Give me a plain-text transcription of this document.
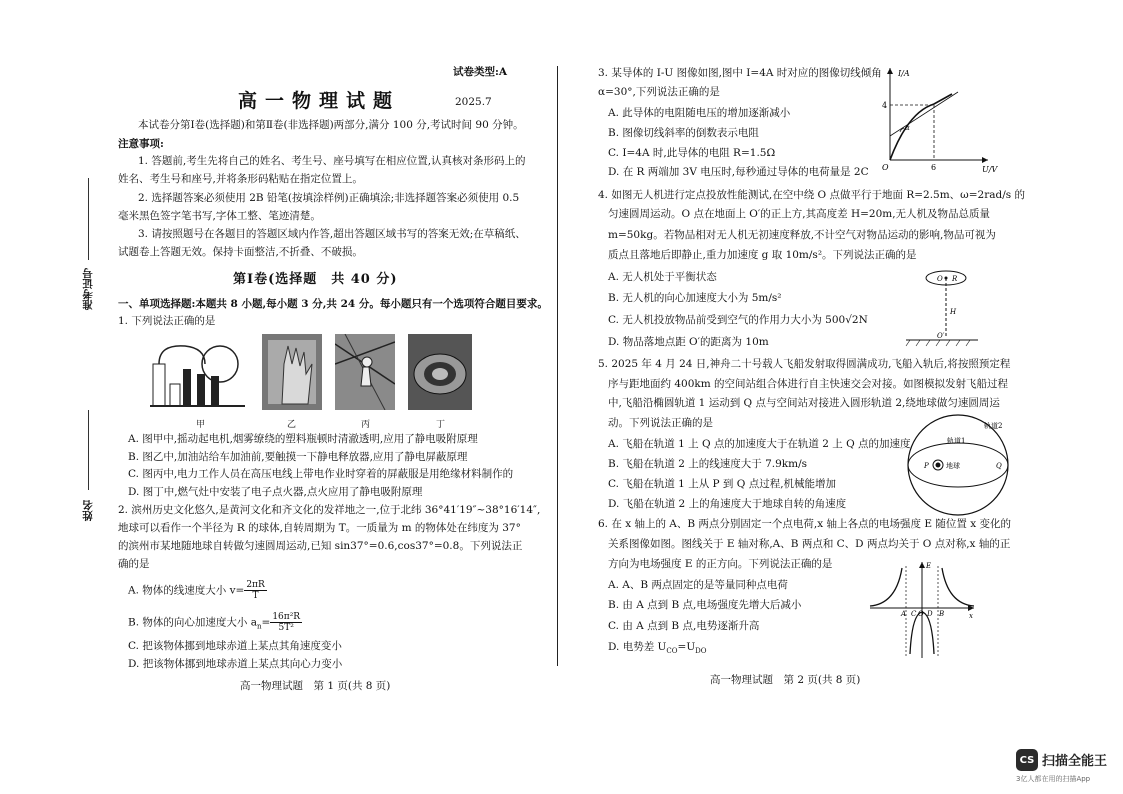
试卷类型:A
高一物理试题	2025.7
本试卷分第Ⅰ卷(选择题)和第Ⅱ卷(非选择题)两部分,满分 100 分,考试时间 90 分钟。
注意事项:
1. 答题前,考生先将自己的姓名、考生号、座号填写在相应位置,认真核对条形码上的
姓名、考生号和座号,并将条形码粘贴在指定位置上。
2. 选择题答案必须使用 2B 铅笔(按填涂样例)正确填涂;非选择题答案必须使用 0.5
毫米黑色签字笔书写,字体工整、笔迹清楚。
3. 请按照题号在各题目的答题区域内作答,超出答题区域书写的答案无效;在草稿纸、
试题卷上答题无效。保持卡面整洁,不折叠、不破损。
准考证号
姓名
第Ⅰ卷(选择题　共 40 分)
一、单项选择题:本题共 8 小题,每小题 3 分,共 24 分。每小题只有一个选项符合题目要求。
1. 下列说法正确的是
甲	乙	丙	丁
A. 图甲中,摇动起电机,烟雾缭绕的塑料瓶顿时清澈透明,应用了静电吸附原理
B. 图乙中,加油站给车加油前,要触摸一下静电释放器,应用了静电屏蔽原理
C. 图丙中,电力工作人员在高压电线上带电作业时穿着的屏蔽服是用绝缘材料制作的
D. 图丁中,燃气灶中安装了电子点火器,点火应用了静电吸附原理
2. 滨州历史文化悠久,是黄河文化和齐文化的发祥地之一,位于北纬 36°41′19″~38°16′14″,
地球可以看作一个半径为 R 的球体,自转周期为 T。一质量为 m 的物体处在纬度为 37°
的滨州市某地随地球自转做匀速圆周运动,已知 sin37°=0.6,cos37°=0.8。下列说法正
确的是
A. 物体的线速度大小 $v= \frac{2\pi R}{T}$
B. 物体的向心加速度大小 $a_n= \frac{\text{16π²R}}{\text{5T²}}$
C. 把该物体挪到地球赤道上某点其角速度变小
D. 把该物体挪到地球赤道上某点其向心力变小
高一物理试题　第 1 页(共 8 页)
3. 某导体的 I-U 图像如图,图中 I=4A 时对应的图像切线倾角
α=30°,下列说法正确的是
A. 此导体的电阻随电压的增加逐渐减小
B. 图像切线斜率的倒数表示电阻
C. I=4A 时,此导体的电阻 R=1.5Ω
D. 在 R 两端加 3V 电压时,每秒通过导体的电荷量是 2C
I/A
U/V
O
4
6
α
4. 如图无人机进行定点投放性能测试,在空中绕 O 点做平行于地面 R=2.5m、ω=2rad/s 的
匀速圆周运动。O 点在地面上 O′的正上方,其高度差 H=20m,无人机及物品总质量
m=50kg。若物品相对无人机无初速度释放,不计空气对物品运动的影响,物品可视为
质点且落地后即静止,重力加速度 g 取 10m/s²。下列说法正确的是
A. 无人机处于平衡状态
B. 无人机的向心加速度大小为 5m/s²
C. 无人机投放物品前受到空气的作用力大小为 500√2N
D. 物品落地点距 O′的距离为 10m
O R
H
O′
5. 2025 年 4 月 24 日,神舟二十号载人飞船发射取得圆满成功,飞船入轨后,将按照预定程
序与距地面约 400km 的空间站组合体进行自主快速交会对接。如图模拟发射飞船过程
中,飞船沿椭圆轨道 1 运动到 Q 点与空间站对接进入圆形轨道 2,绕地球做匀速圆周运
动。下列说法正确的是
A. 飞船在轨道 1 上 Q 点的加速度大于在轨道 2 上 Q 点的加速度
B. 飞船在轨道 2 上的线速度大于 7.9km/s
C. 飞船在轨道 1 上从 P 到 Q 点过程,机械能增加
D. 飞船在轨道 2 上的角速度大于地球自转的角速度
轨道1
轨道2
地球
P	Q
6. 在 x 轴上的 A、B 两点分别固定一个点电荷,x 轴上各点的电场强度 E 随位置 x 变化的
关系图像如图。图线关于 E 轴对称,A、B 两点和 C、D 两点均关于 O 点对称,x 轴的正
方向为电场强度 E 的正方向。下列说法正确的是
A. A、B 两点固定的是等量同种点电荷
B. 由 A 点到 B 点,电场强度先增大后减小
C. 由 A 点到 B 点,电势逐渐升高
D. 电势差 $U_{CO}=U_{DO}$
E
x
A C O D B
高一物理试题　第 2 页(共 8 页)
CS 扫描全能王
3亿人都在用的扫描App
